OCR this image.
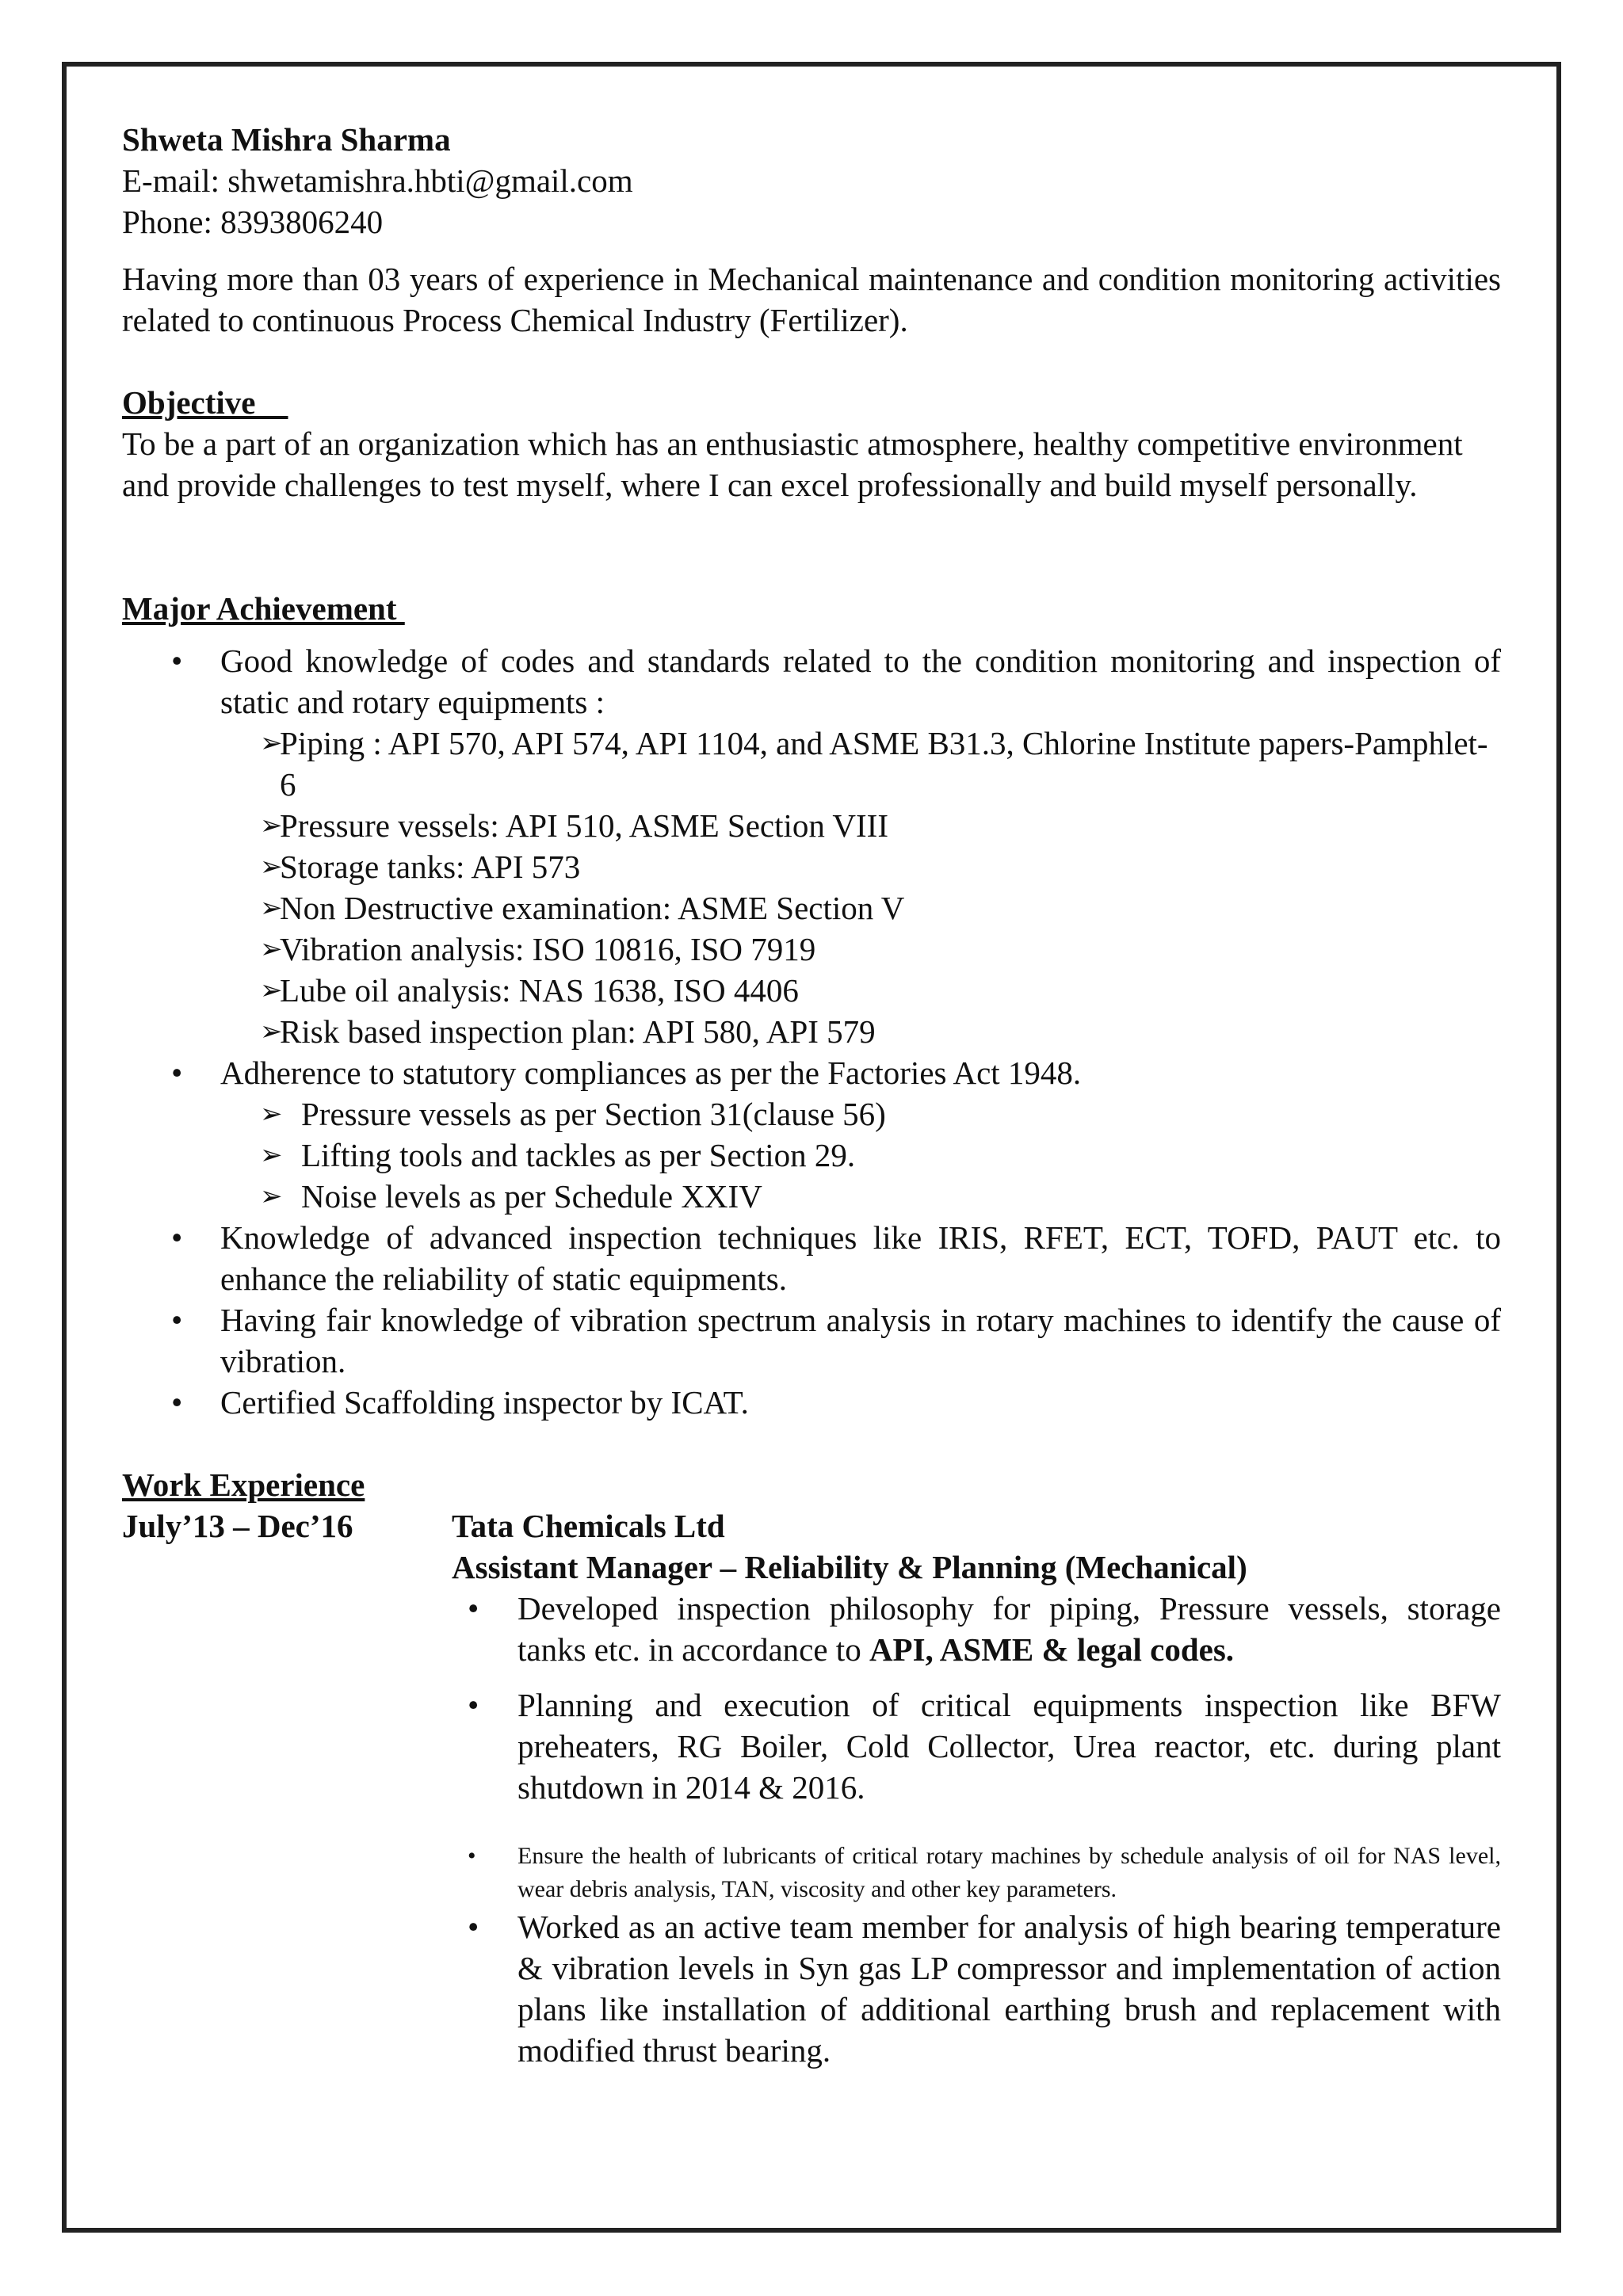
Shweta Mishra Sharma
E-mail: shwetamishra.hbti@gmail.com
Phone: 8393806240
Having more than 03 years of experience in Mechanical maintenance and condition monitoring activities related to continuous Process Chemical Industry (Fertilizer).
Objective
To be a part of an organization which has an enthusiastic atmosphere, healthy competitive environment and provide challenges to test myself, where I can excel professionally and build myself personally.
Major Achievement
• Good knowledge of codes and standards related to the condition monitoring and inspection of static and rotary equipments :
➢
Piping : API 570, API 574, API 1104, and ASME B31.3, Chlorine Institute papers-Pamphlet-6
➢
Pressure vessels: API 510, ASME Section VIII
➢
Storage tanks: API 573
➢
Non Destructive examination: ASME Section V
➢
Vibration analysis: ISO 10816, ISO 7919
➢
Lube oil analysis: NAS 1638, ISO 4406
➢
Risk based inspection plan: API 580, API 579
• Adherence to statutory compliances as per the Factories Act 1948.
➢ Pressure vessels as per Section 31(clause 56)
➢ Lifting tools and tackles as per Section 29.
➢ Noise levels as per Schedule XXIV
• Knowledge of advanced inspection techniques like IRIS, RFET, ECT, TOFD, PAUT etc. to enhance the reliability of static equipments.
• Having fair knowledge of vibration spectrum analysis in rotary machines to identify the cause of vibration.
• Certified Scaffolding inspector by ICAT.
Work Experience
July’13 – Dec’16	Tata Chemicals Ltd
Assistant Manager – Reliability & Planning (Mechanical)
• Developed inspection philosophy for piping, Pressure vessels, storage tanks etc. in accordance to API, ASME & legal codes.
• Planning and execution of critical equipments inspection like BFW preheaters, RG Boiler, Cold Collector, Urea reactor, etc. during plant shutdown in 2014 & 2016.
• Ensure the health of lubricants of critical rotary machines by schedule analysis of oil for NAS level, wear debris analysis, TAN, viscosity and other key parameters.
• Worked as an active team member for analysis of high bearing temperature & vibration levels in Syn gas LP compressor and implementation of action plans like installation of additional earthing brush and replacement with modified thrust bearing.
